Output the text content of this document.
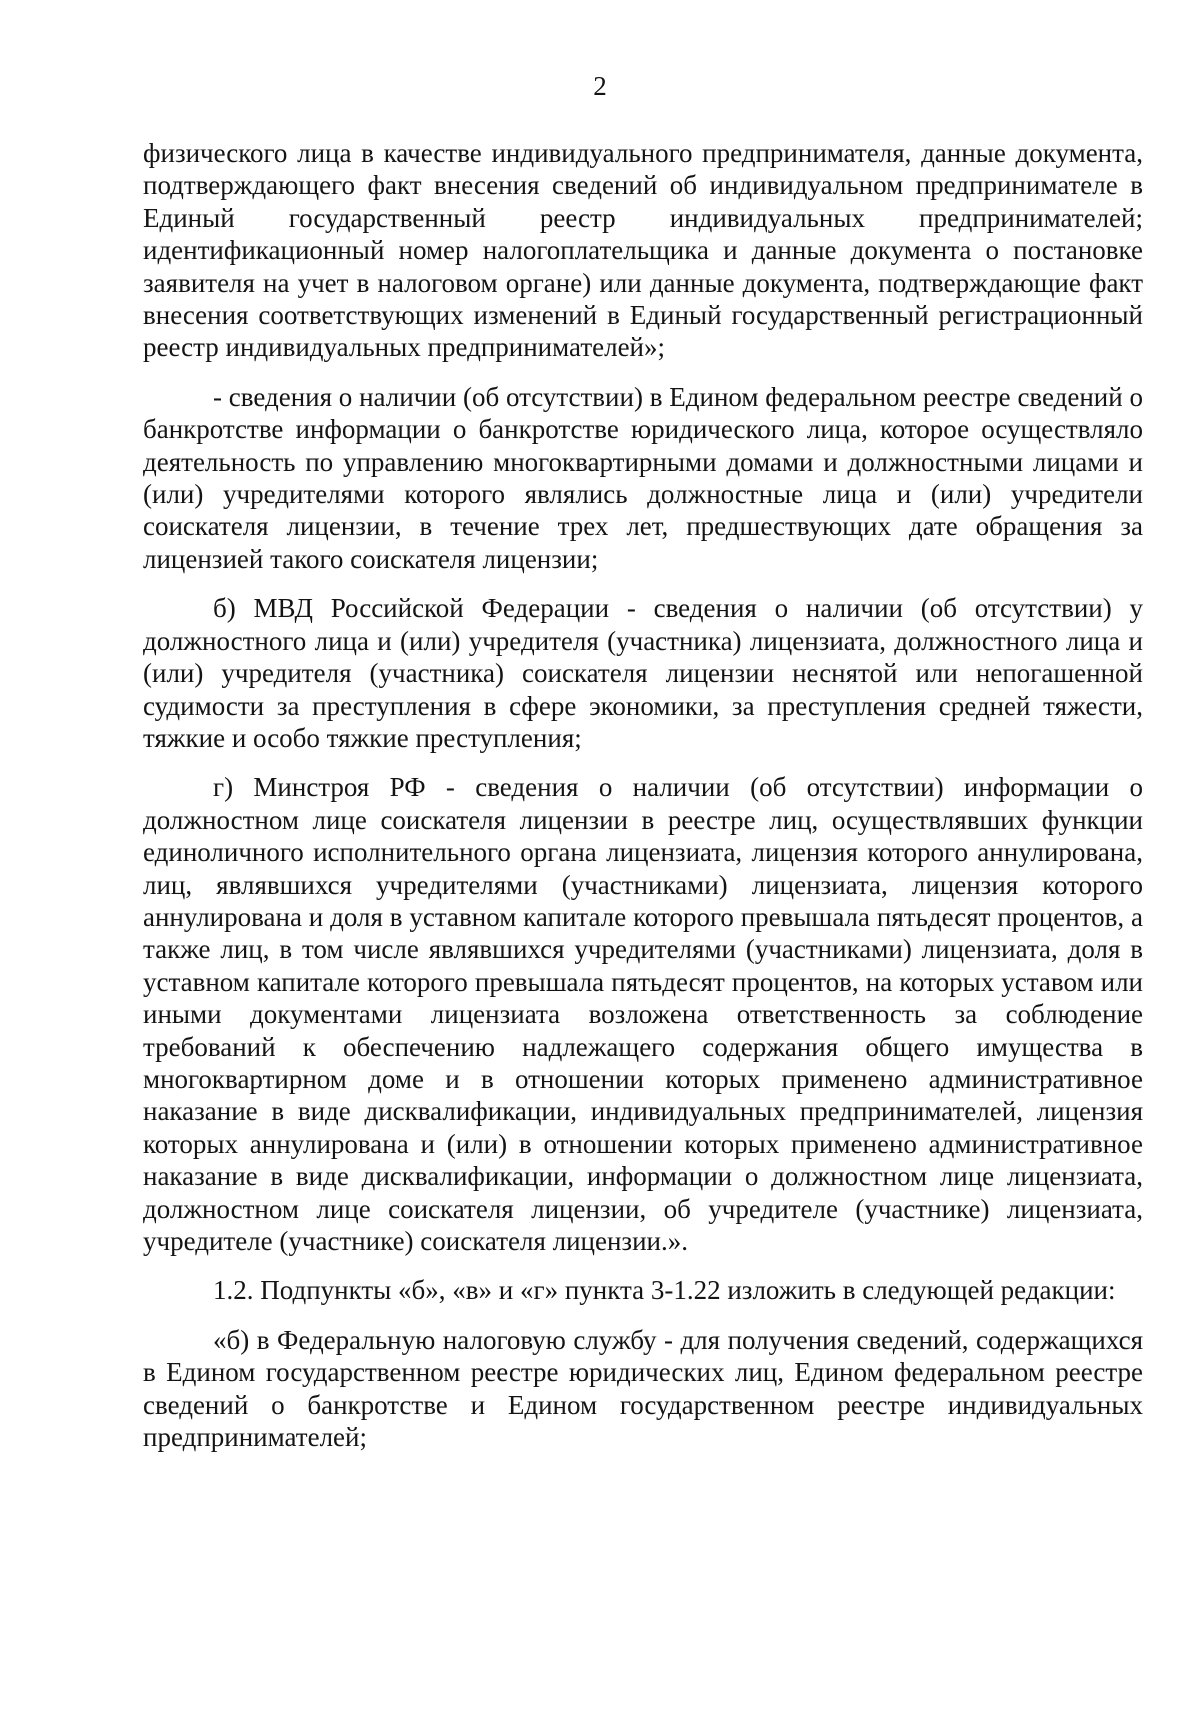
2

физического лица в качестве индивидуального предпринимателя, данные документа, подтверждающего факт внесения сведений об индивидуальном предпринимателе в Единый государственный реестр индивидуальных предпринимателей; идентификационный номер налогоплательщика и данные документа о постановке заявителя на учет в налоговом органе) или данные документа, подтверждающие факт внесения соответствующих изменений в Единый государственный регистрационный реестр индивидуальных предпринимателей»;

- сведения о наличии (об отсутствии) в Едином федеральном реестре сведений о банкротстве информации о банкротстве юридического лица, которое осуществляло деятельность по управлению многоквартирными домами и должностными лицами и (или) учредителями которого являлись должностные лица и (или) учредители соискателя лицензии, в течение трех лет, предшествующих дате обращения за лицензией такого соискателя лицензии;

б) МВД Российской Федерации - сведения о наличии (об отсутствии) у должностного лица и (или) учредителя (участника) лицензиата, должностного лица и (или) учредителя (участника) соискателя лицензии неснятой или непогашенной судимости за преступления в сфере экономики, за преступления средней тяжести, тяжкие и особо тяжкие преступления;

г) Минстроя РФ - сведения о наличии (об отсутствии) информации о должностном лице соискателя лицензии в реестре лиц, осуществлявших функции единоличного исполнительного органа лицензиата, лицензия которого аннулирована, лиц, являвшихся учредителями (участниками) лицензиата, лицензия которого аннулирована и доля в уставном капитале которого превышала пятьдесят процентов, а также лиц, в том числе являвшихся учредителями (участниками) лицензиата, доля в уставном капитале которого превышала пятьдесят процентов, на которых уставом или иными документами лицензиата возложена ответственность за соблюдение требований к обеспечению надлежащего содержания общего имущества в многоквартирном доме и в отношении которых применено административное наказание в виде дисквалификации, индивидуальных предпринимателей, лицензия которых аннулирована и (или) в отношении которых применено административное наказание в виде дисквалификации, информации о должностном лице лицензиата, должностном лице соискателя лицензии, об учредителе (участнике) лицензиата, учредителе (участнике) соискателя лицензии.».

1.2. Подпункты «б», «в» и «г» пункта 3-1.22 изложить в следующей редакции:

«б) в Федеральную налоговую службу - для получения сведений, содержащихся в Едином государственном реестре юридических лиц, Едином федеральном реестре сведений о банкротстве и Едином государственном реестре индивидуальных предпринимателей;
